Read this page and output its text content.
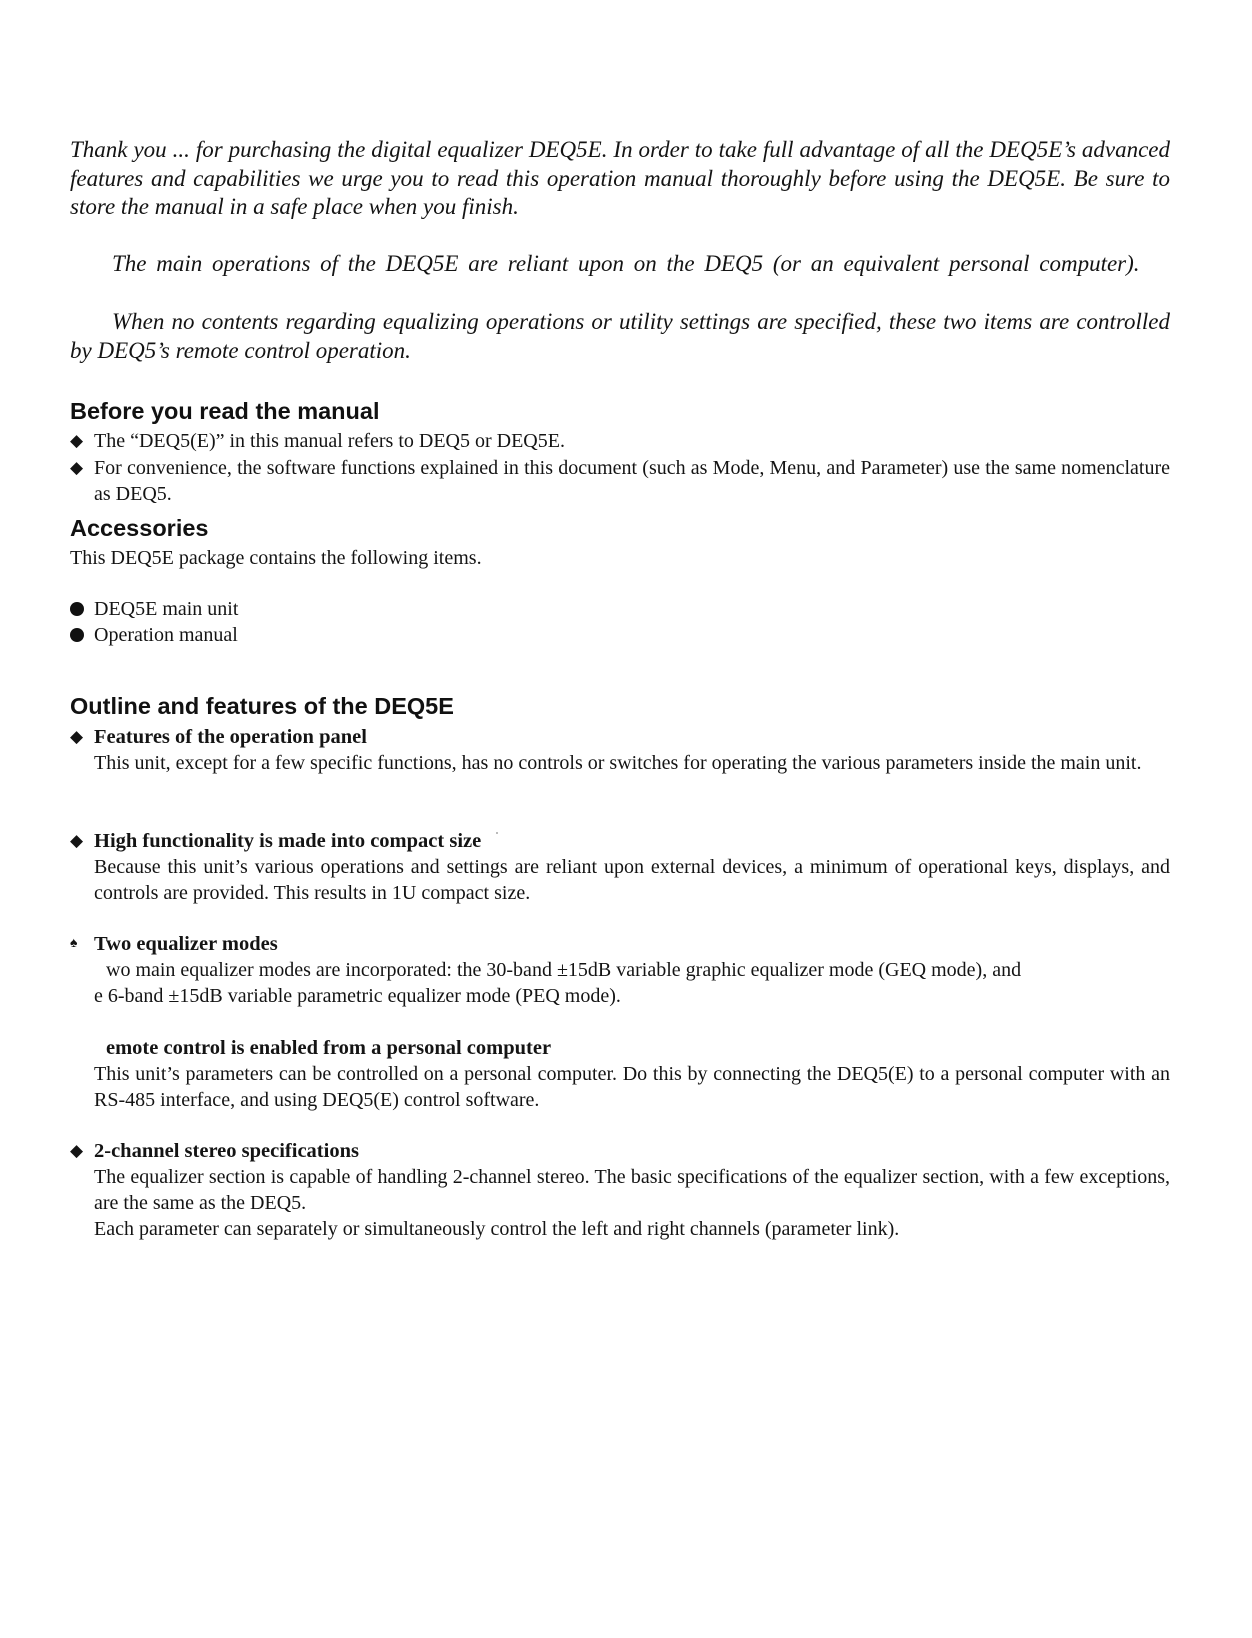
Thank you ... for purchasing the digital equalizer DEQ5E. In order to take full advantage of all the DEQ5E’s advanced features and capabilities we urge you to read this operation manual thoroughly before using the DEQ5E. Be sure to store the manual in a safe place when you finish.

The main operations of the DEQ5E are reliant upon on the DEQ5 (or an equivalent personal computer).

When no contents regarding equalizing operations or utility settings are specified, these two items are controlled by DEQ5’s remote control operation.

Before you read the manual
◆ The “DEQ5(E)” in this manual refers to DEQ5 or DEQ5E.
◆ For convenience, the software functions explained in this document (such as Mode, Menu, and Parameter) use the same nomenclature as DEQ5.
Accessories

This DEQ5E package contains the following items.

DEQ5E main unit
Operation manual
Outline and features of the DEQ5E

◆ Features of the operation panel

This unit, except for a few specific functions, has no controls or switches for operating the various parameters inside the main unit.

◆ High functionality is made into compact size

Because this unit’s various operations and settings are reliant upon external devices, a minimum of operational keys, displays, and controls are provided. This results in 1U compact size.

♠ Two equalizer modes

wo main equalizer modes are incorporated: the 30-band ±15dB variable graphic equalizer mode (GEQ mode), and
e 6-band ±15dB variable parametric equalizer mode (PEQ mode).

emote control is enabled from a personal computer

This unit’s parameters can be controlled on a personal computer. Do this by connecting the DEQ5(E) to a personal computer with an RS-485 interface, and using DEQ5(E) control software.

◆ 2-channel stereo specifications

The equalizer section is capable of handling 2-channel stereo. The basic specifications of the equalizer section, with a few exceptions, are the same as the DEQ5.
Each parameter can separately or simultaneously control the left and right channels (parameter link).
